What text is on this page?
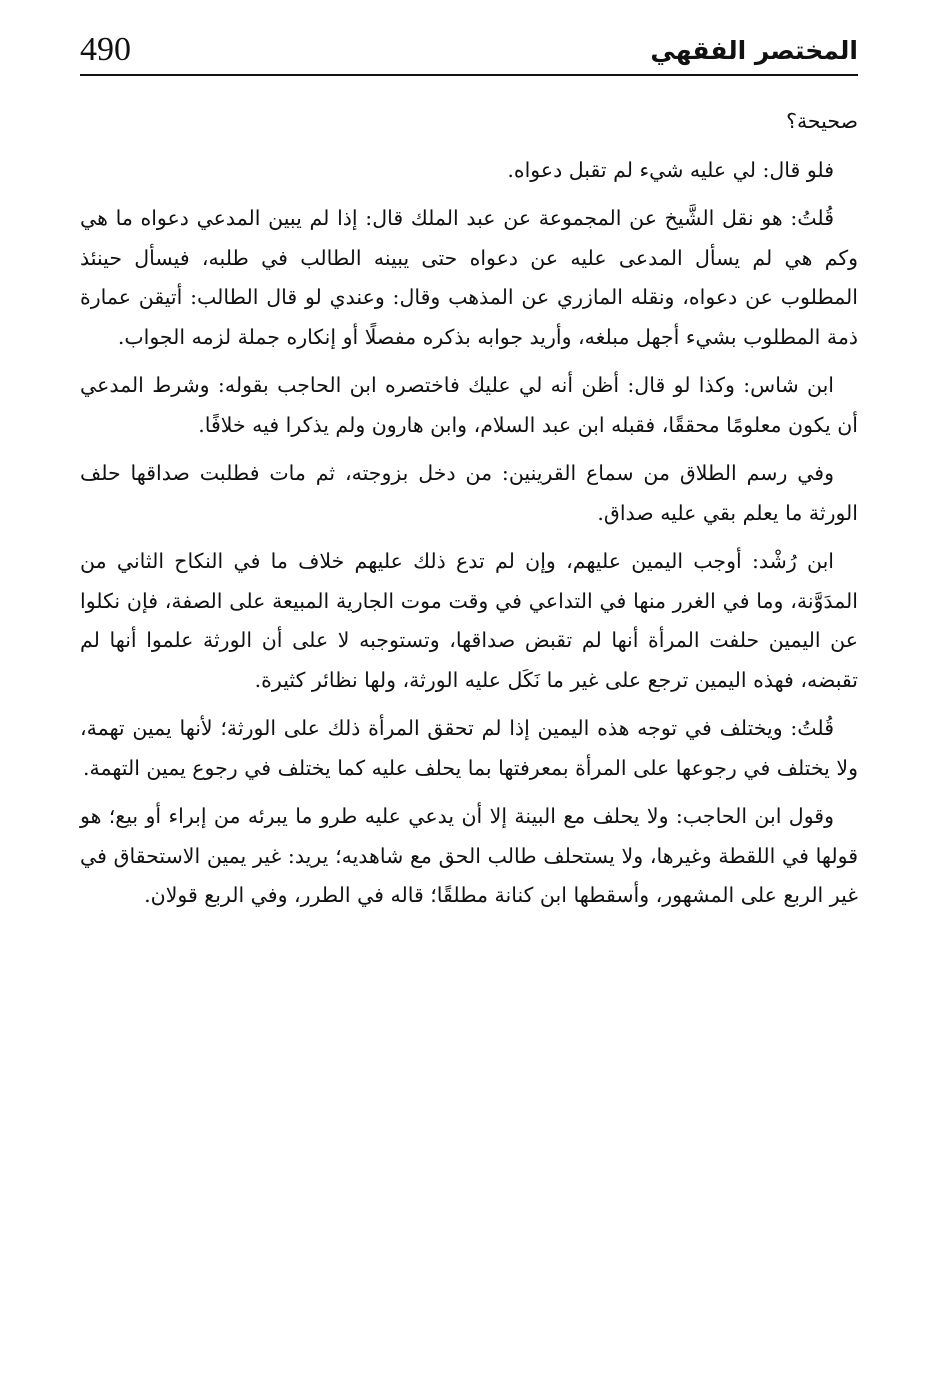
490	المختصر الفقهي

صحيحة؟

فلو قال: لي عليه شيء لم تقبل دعواه.

قُلتُ: هو نقل الشَّيخ عن المجموعة عن عبد الملك قال: إذا لم يبين المدعي دعواه ما هي وكم هي لم يسأل المدعى عليه عن دعواه حتى يبينه الطالب في طلبه، فيسأل حينئذ المطلوب عن دعواه، ونقله المازري عن المذهب وقال: وعندي لو قال الطالب: أتيقن عمارة ذمة المطلوب بشيء أجهل مبلغه، وأريد جوابه بذكره مفصلًا أو إنكاره جملة لزمه الجواب.

ابن شاس: وكذا لو قال: أظن أنه لي عليك فاختصره ابن الحاجب بقوله: وشرط المدعي أن يكون معلومًا محققًا، فقبله ابن عبد السلام، وابن هارون ولم يذكرا فيه خلافًا.

وفي رسم الطلاق من سماع القرينين: من دخل بزوجته، ثم مات فطلبت صداقها حلف الورثة ما يعلم بقي عليه صداق.

ابن رُشْد: أوجب اليمين عليهم، وإن لم تدع ذلك عليهم خلاف ما في النكاح الثاني من المدَوَّنة، وما في الغرر منها في التداعي في وقت موت الجارية المبيعة على الصفة، فإن نكلوا عن اليمين حلفت المرأة أنها لم تقبض صداقها، وتستوجبه لا على أن الورثة علموا أنها لم تقبضه، فهذه اليمين ترجع على غير ما نَكَل عليه الورثة، ولها نظائر كثيرة.

قُلتُ: ويختلف في توجه هذه اليمين إذا لم تحقق المرأة ذلك على الورثة؛ لأنها يمين تهمة، ولا يختلف في رجوعها على المرأة بمعرفتها بما يحلف عليه كما يختلف في رجوع يمين التهمة.

وقول ابن الحاجب: ولا يحلف مع البينة إلا أن يدعي عليه طرو ما يبرئه من إبراء أو بيع؛ هو قولها في اللقطة وغيرها، ولا يستحلف طالب الحق مع شاهديه؛ يريد: غير يمين الاستحقاق في غير الربع على المشهور، وأسقطها ابن كنانة مطلقًا؛ قاله في الطرر، وفي الربع قولان.
